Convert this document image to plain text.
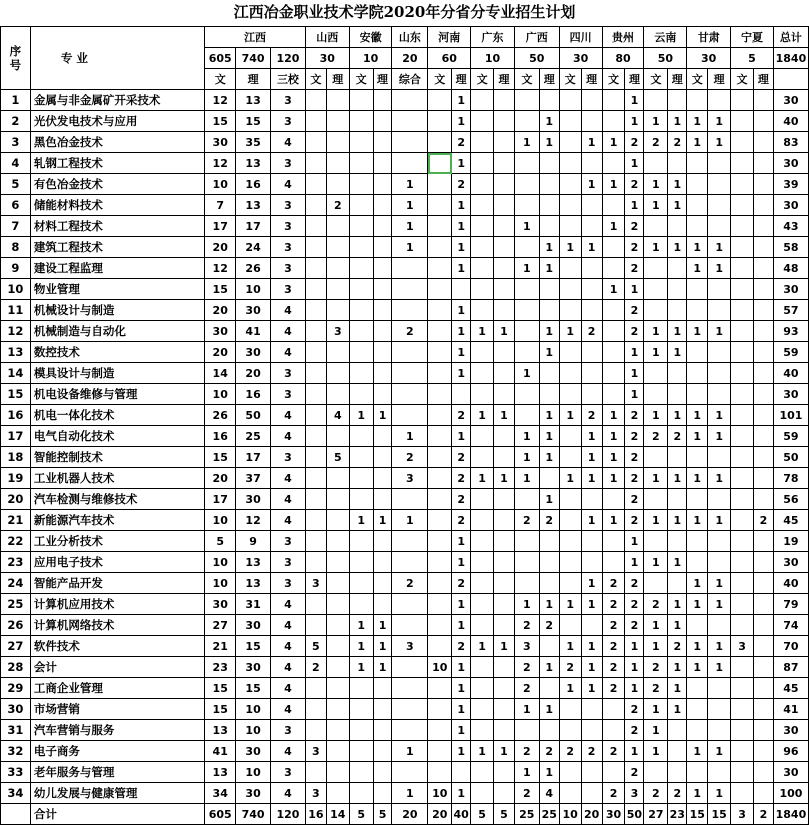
江西冶金职业技术学院2020年分省分专业招生计划
序号	专 业	江西			山西		安徽		山东	河南		广东		广西		四川		贵州		云南		甘肃		宁夏		总计
		605	740	120	30		10		20	60		10		50		30		80		50		30		5		1840
		文	理	三校	文	理	文	理	综合	文	理	文	理	文	理	文	理	文	理	文	理	文	理	文	理	
1	金属与非金属矿开采技术	12	13	3							1								1							30
2	光伏发电技术与应用	15	15	3							1				1				1	1	1	1	1			40
3	黑色冶金技术	30	35	4							2			1	1		1	1	2	2	2	1	1			83
4	轧钢工程技术	12	13	3							1								1							30
5	有色冶金技术	10	16	4					1		2						1	1	2	1	1					39
6	储能材料技术	7	13	3		2			1		1								1	1	1					30
7	材料工程技术	17	17	3					1		1			1				1	2							43
8	建筑工程技术	20	24	3					1		1				1	1	1		2	1	1	1	1			58
9	建设工程监理	12	26	3							1			1	1				2			1	1			48
10	物业管理	15	10	3														1	1							30
11	机械设计与制造	20	30	4							1								2							57
12	机械制造与自动化	30	41	4		3			2		1	1	1		1	1	2		2	1	1	1	1			93
13	数控技术	20	30	4							1				1				1	1	1					59
14	模具设计与制造	14	20	3							1			1					1							40
15	机电设备维修与管理	10	16	3															1							30
16	机电一体化技术	26	50	4		4	1	1			2	1	1		1	1	2	1	2	1	1	1	1			101
17	电气自动化技术	16	25	4					1		1			1	1		1	1	2	2	2	1	1			59
18	智能控制技术	15	17	3		5			2		2			1	1		1	1	2							50
19	工业机器人技术	20	37	4					3		2	1	1	1		1	1	1	2	1	1	1	1			78
20	汽车检测与维修技术	17	30	4							2				1				2							56
21	新能源汽车技术	10	12	4			1	1	1		2			2	2		1	1	2	1	1	1	1		2	45
22	工业分析技术	5	9	3							1								1							19
23	应用电子技术	10	13	3							1								1	1	1					30
24	智能产品开发	10	13	3	3				2		2						1	2	2			1	1			40
25	计算机应用技术	30	31	4							1			1	1	1	1	2	2	2	1	1	1			79
26	计算机网络技术	27	30	4			1	1			1			2	2			2	2	1	1					74
27	软件技术	21	15	4	5		1	1	3		2	1	1	3		1	1	2	1	1	2	1	1	3		70
28	会计	23	30	4	2		1	1		10	1			2	1	2	1	2	1	2	1	1	1			87
29	工商企业管理	15	15	4							1			2		1	1	2	1	2	1					45
30	市场营销	15	10	4							1			1	1				2	1	1					41
31	汽车营销与服务	13	10	3							1								2	1						30
32	电子商务	41	30	4	3				1		1	1	1	2	2	2	2	2	1	1		1	1			96
33	老年服务与管理	13	10	3										1	1				2							30
34	幼儿发展与健康管理	34	30	4	3				1	10	1			2	4			2	3	2	2	1	1			100
	合计	605	740	120	16	14	5	5	20	20	40	5	5	25	25	10	20	30	50	27	23	15	15	3	2	1840
